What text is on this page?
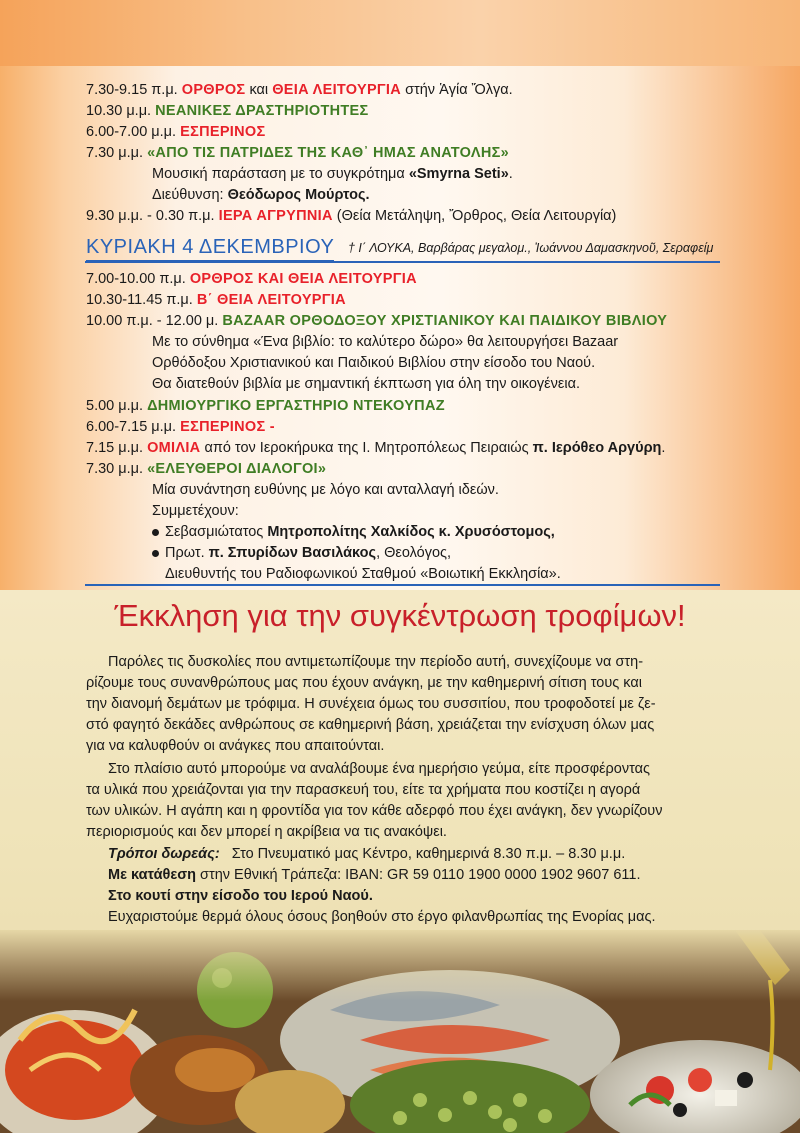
7.30-9.15 π.μ. ΟΡΘΡΟΣ και ΘΕΙΑ ΛΕΙΤΟΥΡΓΙΑ στήν Ἁγία Ὄλγα.
10.30 μ.μ. ΝΕΑΝΙΚΕΣ ΔΡΑΣΤΗΡΙΟΤΗΤΕΣ
6.00-7.00 μ.μ. ΕΣΠΕΡΙΝΟΣ
7.30 μ.μ. «ΑΠΟ ΤΙΣ ΠΑΤΡΙΔΕΣ ΤΗΣ ΚΑΘ᾽ ΗΜΑΣ ΑΝΑΤΟΛΗΣ»
Μουσική παράσταση με το συγκρότημα «Smyrna Seti».
Διεύθυνση: Θεόδωρος Μούρτος.
9.30 μ.μ. - 0.30 π.μ. ΙΕΡΑ ΑΓΡΥΠΝΙΑ (Θεία Μετάληψη, Ὄρθρος, Θεία Λειτουργία)
ΚΥΡΙΑΚΗ 4 ΔΕΚΕΜΒΡΙΟΥ † Ι΄ ΛΟΥΚΑ, Βαρβάρας μεγαλομ., Ἰωάννου Δαμασκηνοῦ, Σεραφείμ
7.00-10.00 π.μ. ΟΡΘΡΟΣ ΚΑΙ ΘΕΙΑ ΛΕΙΤΟΥΡΓΙΑ
10.30-11.45 π.μ. Β΄ ΘΕΙΑ ΛΕΙΤΟΥΡΓΙΑ
10.00 π.μ. - 12.00 μ. BAZAAR ΟΡΘΟΔΟΞΟΥ ΧΡΙΣΤΙΑΝΙΚΟΥ ΚΑΙ ΠΑΙΔΙΚΟΥ ΒΙΒΛΙΟΥ
Με το σύνθημα «Ένα βιβλίο: το καλύτερο δώρο» θα λειτουργήσει Bazaar
Ορθόδοξου Χριστιανικού και Παιδικού Βιβλίου στην είσοδο του Ναού.
Θα διατεθούν βιβλία με σημαντική έκπτωση για όλη την οικογένεια.
5.00 μ.μ. ΔΗΜΙΟΥΡΓΙΚΟ ΕΡΓΑΣΤΗΡΙΟ ΝΤΕΚΟΥΠΑΖ
6.00-7.15 μ.μ. ΕΣΠΕΡΙΝΟΣ -
7.15 μ.μ. ΟΜΙΛΙΑ από τον Ιεροκήρυκα της Ι. Μητροπόλεως Πειραιώς π. Ιερόθεο Αργύρη.
7.30 μ.μ. «ΕΛΕΥΘΕΡΟΙ ΔΙΑΛΟΓΟΙ»
Μία συνάντηση ευθύνης με λόγο και ανταλλαγή ιδεών.
Συμμετέχουν:
Σεβασμιώτατος Μητροπολίτης Χαλκίδος κ. Χρυσόστομος,
Πρωτ. π. Σπυρίδων Βασιλάκος, Θεολόγος,
Διευθυντής του Ραδιοφωνικού Σταθμού «Βοιωτική Εκκλησία».
Έκκληση για την συγκέντρωση τροφίμων!
Παρόλες τις δυσκολίες που αντιμετωπίζουμε την περίοδο αυτή, συνεχίζουμε να στη-
ρίζουμε τους συνανθρώπους μας που έχουν ανάγκη, με την καθημερινή σίτιση τους και
την διανομή δεμάτων με τρόφιμα. Η συνέχεια όμως του συσσιτίου, που τροφοδοτεί με ζε-
στό φαγητό δεκάδες ανθρώπους σε καθημερινή βάση, χρειάζεται την ενίσχυση όλων μας
για να καλυφθούν οι ανάγκες που απαιτούνται.
Στο πλαίσιο αυτό μπορούμε να αναλάβουμε ένα ημερήσιο γεύμα, είτε προσφέροντας
τα υλικά που χρειάζονται για την παρασκευή του, είτε τα χρήματα που κοστίζει η αγορά
των υλικών. Η αγάπη και η φροντίδα για τον κάθε αδερφό που έχει ανάγκη, δεν γνωρίζουν
περιορισμούς και δεν μπορεί η ακρίβεια να τις ανακόψει.
Τρόποι δωρεάς: Στο Πνευματικό μας Κέντρο, καθημερινά 8.30 π.μ. – 8.30 μ.μ.
Με κατάθεση στην Εθνική Τράπεζα: IBAN: GR 59 0110 1900 0000 1902 9607 611.
Στο κουτί στην είσοδο του Ιερού Ναού.
Ευχαριστούμε θερμά όλους όσους βοηθούν στο έργο φιλανθρωπίας της Ενορίας μας.
